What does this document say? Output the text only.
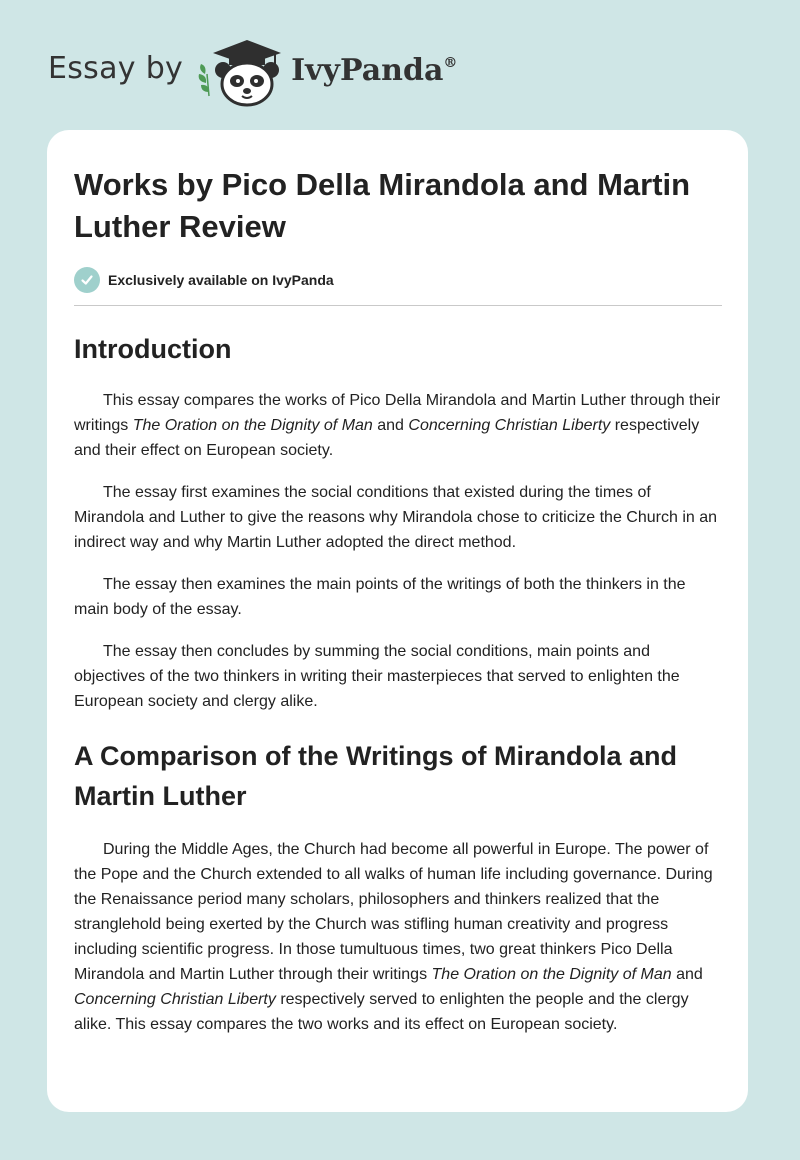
Essay by	IvyPanda®
Works by Pico Della Mirandola and Martin Luther Review
Exclusively available on IvyPanda
Introduction

This essay compares the works of Pico Della Mirandola and Martin Luther through their writings The Oration on the Dignity of Man and Concerning Christian Liberty respectively and their effect on European society.

The essay first examines the social conditions that existed during the times of Mirandola and Luther to give the reasons why Mirandola chose to criticize the Church in an indirect way and why Martin Luther adopted the direct method.

The essay then examines the main points of the writings of both the thinkers in the main body of the essay.

The essay then concludes by summing the social conditions, main points and objectives of the two thinkers in writing their masterpieces that served to enlighten the European society and clergy alike.

A Comparison of the Writings of Mirandola and Martin Luther

During the Middle Ages, the Church had become all powerful in Europe. The power of the Pope and the Church extended to all walks of human life including governance. During the Renaissance period many scholars, philosophers and thinkers realized that the stranglehold being exerted by the Church was stifling human creativity and progress including scientific progress. In those tumultuous times, two great thinkers Pico Della Mirandola and Martin Luther through their writings The Oration on the Dignity of Man and Concerning Christian Liberty respectively served to enlighten the people and the clergy alike. This essay compares the two works and its effect on European society.
